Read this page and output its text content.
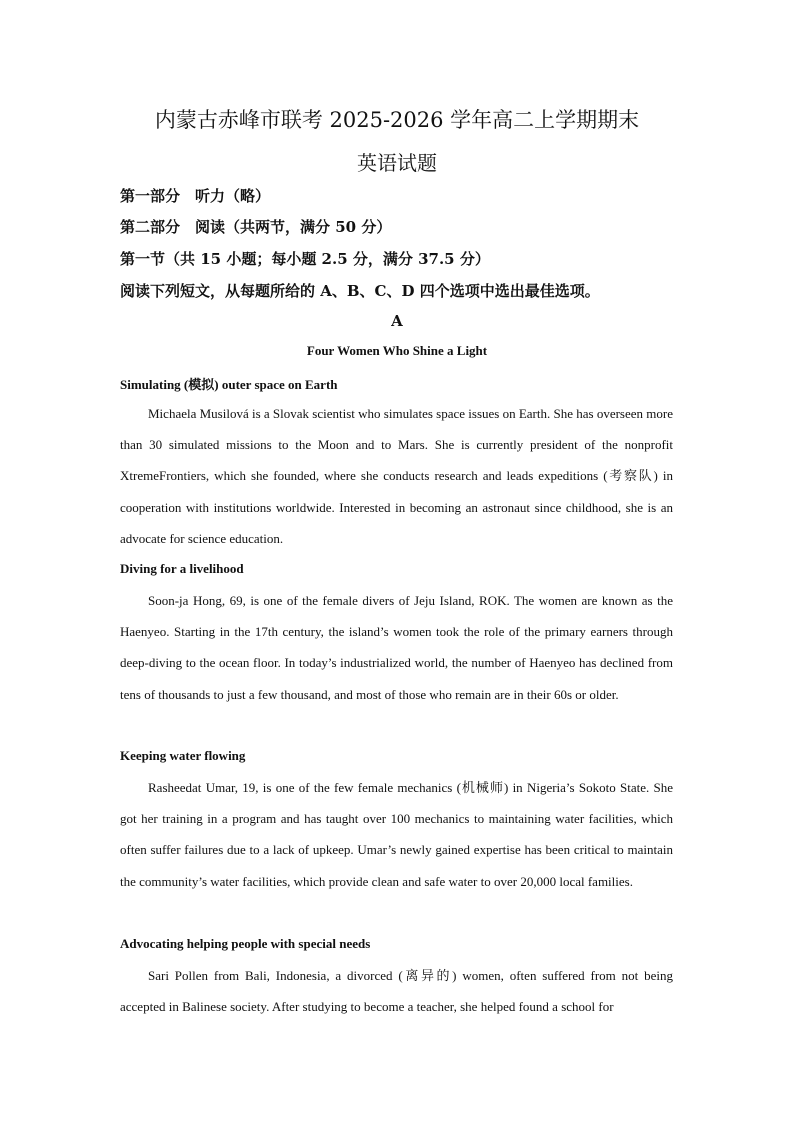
内蒙古赤峰市联考 2025-2026 学年高二上学期期末
英语试题
第一部分　听力（略）
第二部分　阅读（共两节，满分 50 分）
第一节（共 15 小题；每小题 2.5 分，满分 37.5 分）
阅读下列短文，从每题所给的 A、B、C、D 四个选项中选出最佳选项。
A
Four Women Who Shine a Light
Simulating (模拟) outer space on Earth

Michaela Musilová is a Slovak scientist who simulates space issues on Earth. She has overseen more than 30 simulated missions to the Moon and to Mars. She is currently president of the nonprofit XtremeFrontiers, which she founded, where she conducts research and leads expeditions (考察队) in cooperation with institutions worldwide. Interested in becoming an astronaut since childhood, she is an advocate for science education.

Diving for a livelihood

Soon-ja Hong, 69, is one of the female divers of Jeju Island, ROK. The women are known as the Haenyeo. Starting in the 17th century, the island’s women took the role of the primary earners through deep-diving to the ocean floor. In today’s industrialized world, the number of Haenyeo has declined from tens of thousands to just a few thousand, and most of those who remain are in their 60s or older.

Keeping water flowing

Rasheedat Umar, 19, is one of the few female mechanics (机械师) in Nigeria’s Sokoto State. She got her training in a program and has taught over 100 mechanics to maintaining water facilities, which often suffer failures due to a lack of upkeep. Umar’s newly gained expertise has been critical to maintain the community’s water facilities, which provide clean and safe water to over 20,000 local families.

Advocating helping people with special needs

Sari Pollen from Bali, Indonesia, a divorced (离异的) women, often suffered from not being accepted in Balinese society. After studying to become a teacher, she helped found a school for
